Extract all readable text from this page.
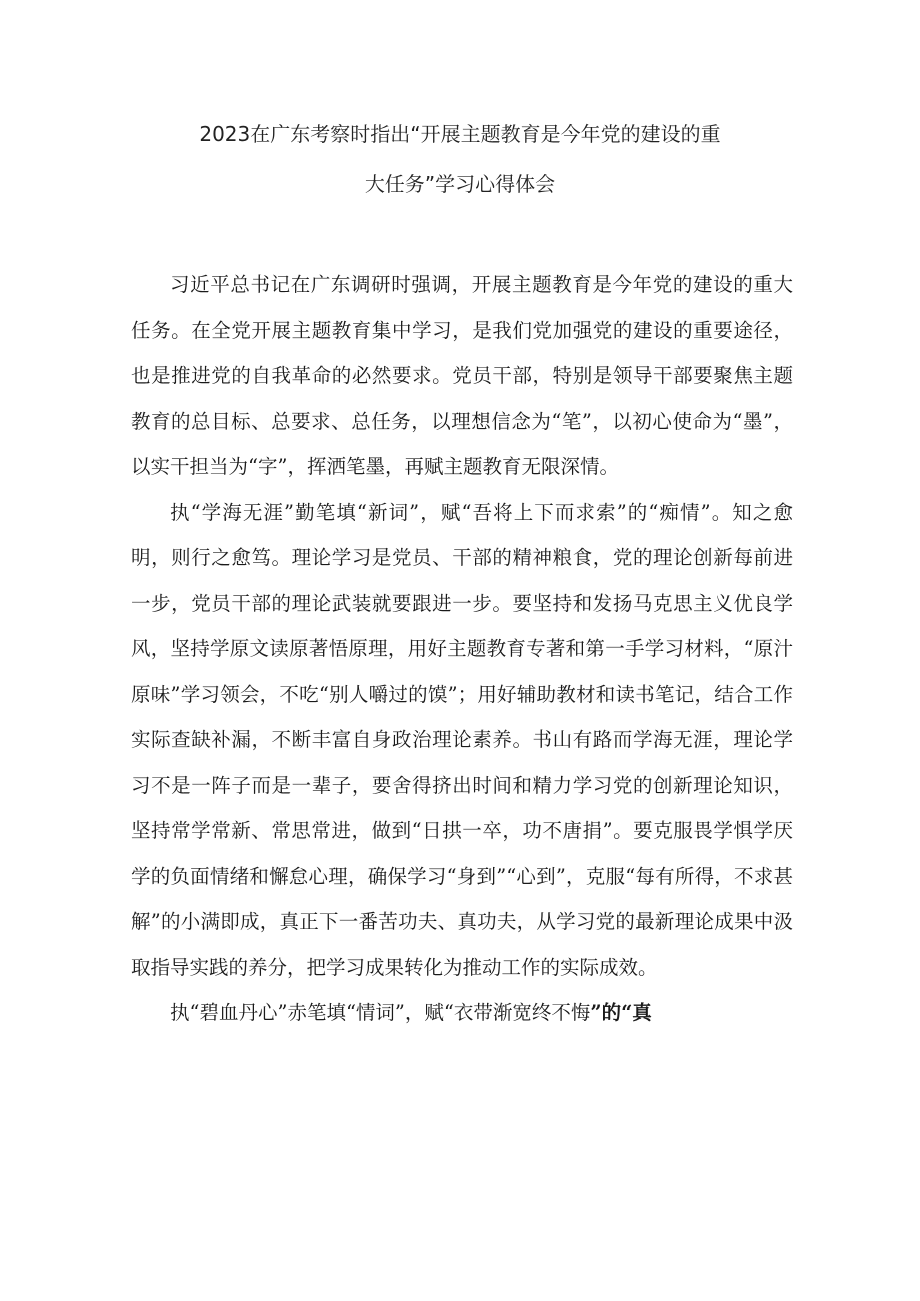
2023在广东考察时指出“开展主题教育是今年党的建设的重
大任务”学习心得体会

习近平总书记在广东调研时强调，开展主题教育是今年党的建设的重大任务。在全党开展主题教育集中学习，是我们党加强党的建设的重要途径，也是推进党的自我革命的必然要求。党员干部，特别是领导干部要聚焦主题教育的总目标、总要求、总任务，以理想信念为“笔”，以初心使命为“墨”，以实干担当为“字”，挥洒笔墨，再赋主题教育无限深情。

执“学海无涯”勤笔填“新词”，赋“吾将上下而求索”的“痴情”。知之愈明，则行之愈笃。理论学习是党员、干部的精神粮食，党的理论创新每前进一步，党员干部的理论武装就要跟进一步。要坚持和发扬马克思主义优良学风，坚持学原文读原著悟原理，用好主题教育专著和第一手学习材料，“原汁原味”学习领会，不吃“别人嚼过的馍”；用好辅助教材和读书笔记，结合工作实际查缺补漏，不断丰富自身政治理论素养。书山有路而学海无涯，理论学习不是一阵子而是一辈子，要舍得挤出时间和精力学习党的创新理论知识，坚持常学常新、常思常进，做到“日拱一卒，功不唐捐”。要克服畏学惧学厌学的负面情绪和懈怠心理，确保学习“身到”“心到”，克服“每有所得，不求甚解”的小满即成，真正下一番苦功夫、真功夫，从学习党的最新理论成果中汲取指导实践的养分，把学习成果转化为推动工作的实际成效。

执“碧血丹心”赤笔填“情词”，赋“衣带渐宽终不悔”的“真
